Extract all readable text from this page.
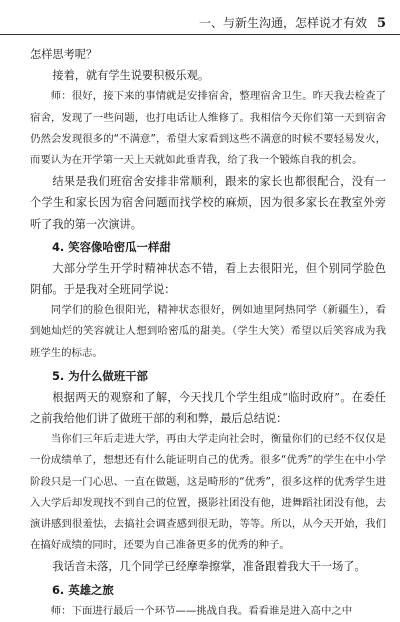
一、与新生沟通，怎样说才有效 5

怎样思考呢？

接着，就有学生说要积极乐观。

师：很好，接下来的事情就是安排宿舍，整理宿舍卫生。昨天我去检查了宿舍，发现了一些问题，也打电话让人维修了。我相信今天你们第一天到宿舍仍然会发现很多的“不满意”，希望大家看到这些不满意的时候不要轻易发火，而要认为在开学第一天上天就如此垂青我，给了我一个锻炼自我的机会。

结果是我们班宿舍安排非常顺利，跟来的家长也都很配合，没有一个学生和家长因为宿舍问题而找学校的麻烦，因为很多家长在教室外旁听了我的第一次演讲。

4. 笑容像哈密瓜一样甜

大部分学生开学时精神状态不错，看上去很阳光，但个别同学脸色阴郁。于是我对全班同学说：

同学们的脸色很阳光，精神状态很好，例如迪里阿热同学（新疆生），看到她灿烂的笑容就让人想到哈密瓜的甜美。（学生大笑）希望以后笑容成为我班学生的标志。

5. 为什么做班干部

根据两天的观察和了解，今天找几个学生组成“临时政府”。在委任之前我给他们讲了做班干部的利和弊，最后总结说：

当你们三年后走进大学，再由大学走向社会时，衡量你们的已经不仅仅是一份成绩单了，想想还有什么能证明自己的优秀。很多“优秀”的学生在中小学阶段只是一门心思、一直在做题，这是畸形的“优秀”，很多这样的优秀学生进入大学后却发现找不到自己的位置，摄影社团没有他，进舞蹈社团没有他，去演讲感到很羞怯，去搞社会调查感到很无助，等等。所以，从今天开始，我们在搞好成绩的同时，还要为自己准备更多的优秀的种子。

我话音未落，几个同学已经摩拳擦掌，准备跟着我大干一场了。

6. 英雄之旅

师：下面进行最后一个环节——挑战自我。看看谁是进入高中之中
